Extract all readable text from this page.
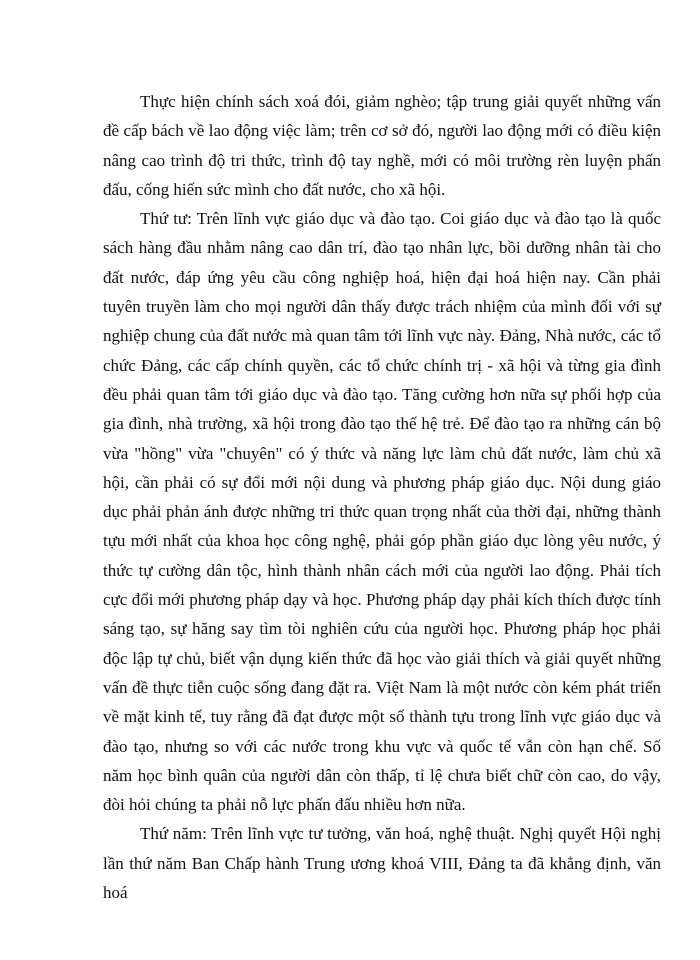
Thực hiện chính sách xoá đói, giảm nghèo; tập trung giải quyết những vấn đề cấp bách về lao động việc làm; trên cơ sở đó, người lao động mới có điều kiện nâng cao trình độ tri thức, trình độ tay nghề, mới có môi trường rèn luyện phấn đấu, cống hiến sức mình cho đất nước, cho xã hội.

Thứ tư: Trên lĩnh vực giáo dục và đào tạo. Coi giáo dục và đào tạo là quốc sách hàng đầu nhằm nâng cao dân trí, đào tạo nhân lực, bồi dưỡng nhân tài cho đất nước, đáp ứng yêu cầu công nghiệp hoá, hiện đại hoá hiện nay. Cần phải tuyên truyền làm cho mọi người dân thấy được trách nhiệm của mình đối với sự nghiệp chung của đất nước mà quan tâm tới lĩnh vực này. Đảng, Nhà nước, các tổ chức Đảng, các cấp chính quyền, các tổ chức chính trị - xã hội và từng gia đình đều phải quan tâm tới giáo dục và đào tạo. Tăng cường hơn nữa sự phối hợp của gia đình, nhà trường, xã hội trong đào tạo thế hệ trẻ. Để đào tạo ra những cán bộ vừa "hồng" vừa "chuyên" có ý thức và năng lực làm chủ đất nước, làm chủ xã hội, cần phải có sự đổi mới nội dung và phương pháp giáo dục. Nội dung giáo dục phải phản ánh được những tri thức quan trọng nhất của thời đại, những thành tựu mới nhất của khoa học công nghệ, phải góp phần giáo dục lòng yêu nước, ý thức tự cường dân tộc, hình thành nhân cách mới của người lao động. Phải tích cực đổi mới phương pháp dạy và học. Phương pháp dạy phải kích thích được tính sáng tạo, sự hăng say tìm tòi nghiên cứu của người học. Phương pháp học phải độc lập tự chủ, biết vận dụng kiến thức đã học vào giải thích và giải quyết những vấn đề thực tiễn cuộc sống đang đặt ra. Việt Nam là một nước còn kém phát triển về mặt kinh tế, tuy rằng đã đạt được một số thành tựu trong lĩnh vực giáo dục và đào tạo, nhưng so với các nước trong khu vực và quốc tế vẫn còn hạn chế. Số năm học bình quân của người dân còn thấp, tỉ lệ chưa biết chữ còn cao, do vậy, đòi hỏi chúng ta phải nỗ lực phấn đấu nhiều hơn nữa.

Thứ năm: Trên lĩnh vực tư tưởng, văn hoá, nghệ thuật. Nghị quyết Hội nghị lần thứ năm Ban Chấp hành Trung ương khoá VIII, Đảng ta đã khẳng định, văn hoá
